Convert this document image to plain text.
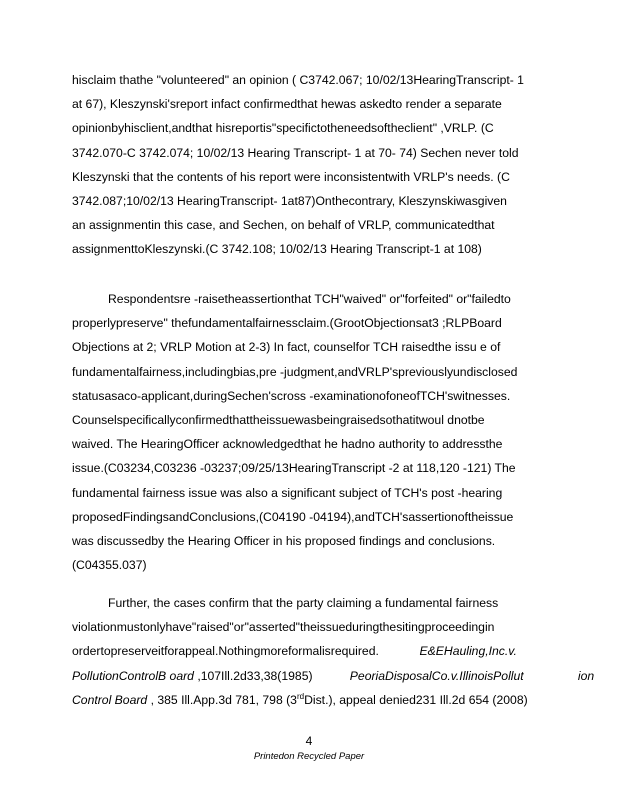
hisclaim thathe "volunteered" an opinion ( C3742.067; 10/02/13HearingTranscript- 1
at 67), Kleszynski'sreport infact confirmedthat hewas askedto render a separate
opinionbyhisclient,andthat hisreportis"specifictotheneedsoftheclient" ,VRLP. (C
3742.070-C 3742.074; 10/02/13 Hearing Transcript- 1 at 70- 74) Sechen never told
Kleszynski that the contents of his report were inconsistentwith VRLP's needs. (C
3742.087;10/02/13 HearingTranscript- 1at87)Onthecontrary, Kleszynskiwasgiven
an assignmentin this case, and Sechen, on behalf of VRLP, communicatedthat
assignmenttoKleszynski.(C 3742.108; 10/02/13 Hearing Transcript-1 at 108)
Respondentsre -raisetheassertionthat TCH"waived" or"forfeited" or"failedto
properlypreserve" thefundamentalfairnessclaim.(GrootObjectionsat3 ;RLPBoard
Objections at 2; VRLP Motion at 2-3) In fact, counselfor TCH raisedthe issu e of
fundamentalfairness,includingbias,pre -judgment,andVRLP'spreviouslyundisclosed
statusasaco-applicant,duringSechen'scross -examinationofoneofTCH'switnesses.
Counselspecificallyconfirmedthattheissuewasbeingraisedsothatitwoul dnotbe
waived. The HearingOfficer acknowledgedthat he hadno authority to addressthe
issue.(C03234,C03236 -03237;09/25/13HearingTranscript -2 at 118,120 -121) The
fundamental fairness issue was also a significant subject of TCH's post -hearing
proposedFindingsandConclusions,(C04190 -04194),andTCH'sassertionoftheissue
was discussedby the Hearing Officer in his proposed findings and conclusions.
(C04355.037)
Further, the cases confirm that the party claiming a fundamental fairness
violationmustonlyhave"raised"or"asserted"theissueduringthesitingproceedingin
ordertopreserveitforappeal.Nothingmoreformalisrequired.	E&EHauling,Inc.v.
PollutionControlB oard ,107Ill.2d33,38(1985)	PeoriaDisposalCo.v.IllinoisPollut	ion
Control Board , 385 Ill.App.3d 781, 798 (3rdDist.), appeal denied231 Ill.2d 654 (2008)
4
Printedon Recycled Paper
